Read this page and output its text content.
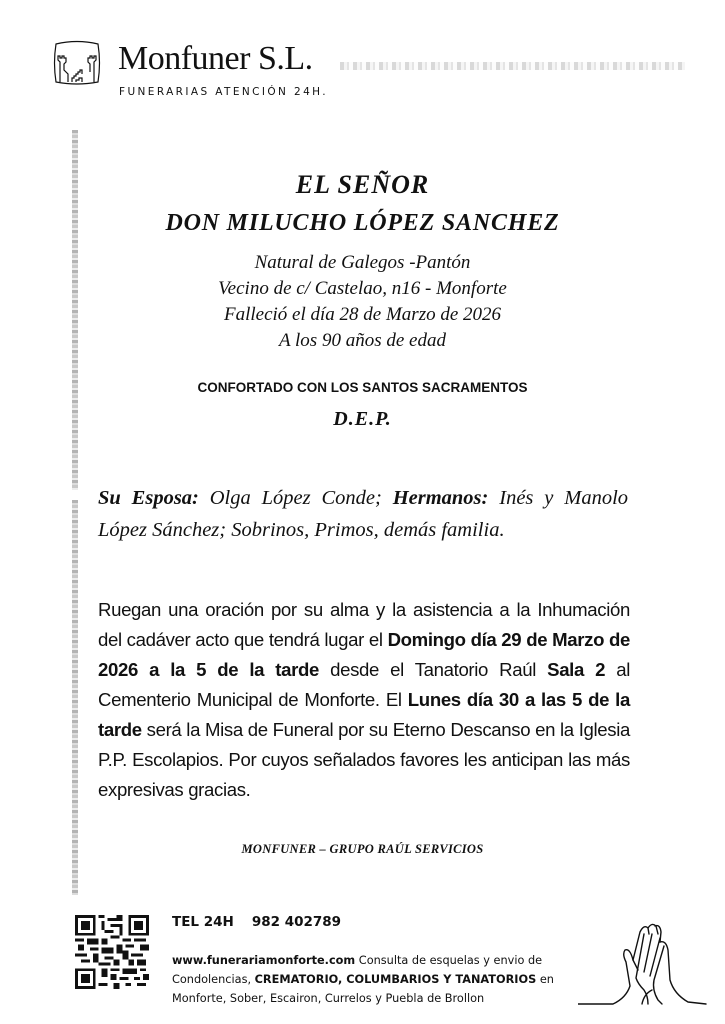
Monfuner S.L.
FUNERARIAS ATENCIÓN 24H.
EL SEÑOR
DON MILUCHO LÓPEZ SANCHEZ
Natural de Galegos -Pantón
Vecino de c/ Castelao, n16 - Monforte
Falleció el día 28 de Marzo de 2026
A los 90 años de edad
CONFORTADO CON LOS SANTOS SACRAMENTOS
D.E.P.
Su Esposa: Olga López Conde; Hermanos: Inés y Manolo López Sánchez; Sobrinos, Primos, demás familia.
Ruegan una oración por su alma y la asistencia a la Inhumación del cadáver acto que tendrá lugar el Domingo día 29 de Marzo de 2026 a la 5 de la tarde desde el Tanatorio Raúl Sala 2 al Cementerio Municipal de Monforte. El Lunes día 30 a las 5 de la tarde será la Misa de Funeral por su Eterno Descanso en la Iglesia P.P. Escolapios. Por cuyos señalados favores les anticipan las más expresivas gracias.
MONFUNER – GRUPO RAÚL SERVICIOS
TEL 24H 982 402789
www.funerariamonforte.com Consulta de esquelas y envio de Condolencias, CREMATORIO, COLUMBARIOS Y TANATORIOS en Monforte, Sober, Escairon, Currelos y Puebla de Brollon
